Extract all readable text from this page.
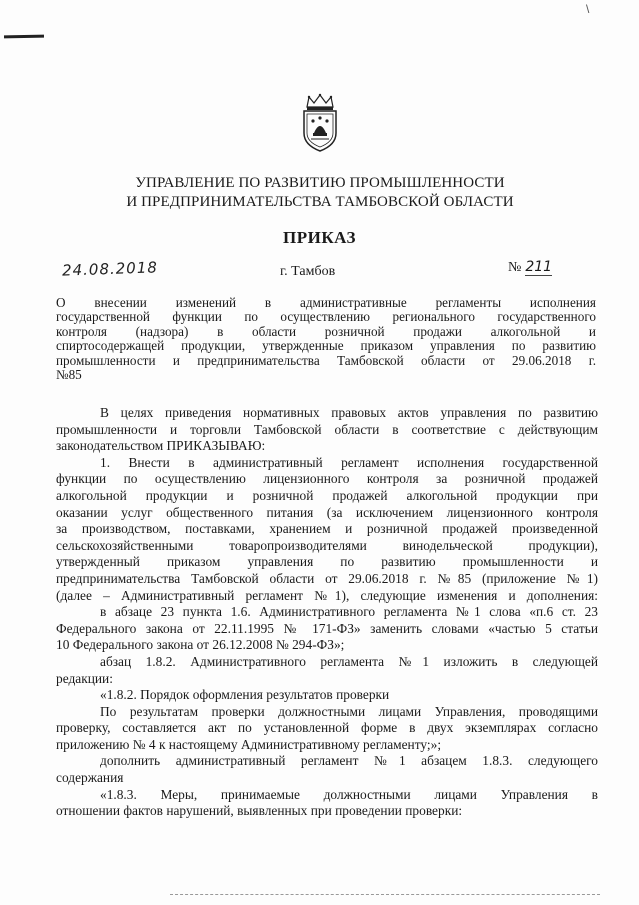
\
УПРАВЛЕНИЕ ПО РАЗВИТИЮ ПРОМЫШЛЕННОСТИ
И ПРЕДПРИНИМАТЕЛЬСТВА ТАМБОВСКОЙ ОБЛАСТИ
ПРИКАЗ
24.08.2018	г. Тамбов	№ 211
О внесении изменений в административные регламенты исполнения
государственной функции по осуществлению регионального государственного
контроля (надзора) в области розничной продажи алкогольной и
спиртосодержащей продукции, утвержденные приказом управления по развитию
промышленности и предпринимательства Тамбовской области от 29.06.2018 г.
№85
В целях приведения нормативных правовых актов управления по развитию
промышленности и торговли Тамбовской области в соответствие с действующим
законодательством ПРИКАЗЫВАЮ:
1. Внести в административный регламент исполнения государственной
функции по осуществлению лицензионного контроля за розничной продажей
алкогольной продукции и розничной продажей алкогольной продукции при
оказании услуг общественного питания (за исключением лицензионного контроля
за производством, поставками, хранением и розничной продажей произведенной
сельскохозяйственными товаропроизводителями винодельческой продукции),
утвержденный приказом управления по развитию промышленности и
предпринимательства Тамбовской области от 29.06.2018 г. №85 (приложение №1)
(далее – Административный регламент №1), следующие изменения и дополнения:
в абзаце 23 пункта 1.6. Административного регламента №1 слова «п.6 ст. 23
Федерального закона от 22.11.1995 № 171-ФЗ» заменить словами «частью 5 статьи
10 Федерального закона от 26.12.2008 № 294-ФЗ»;
абзац 1.8.2. Административного регламента №1 изложить в следующей
редакции:
«1.8.2. Порядок оформления результатов проверки
По результатам проверки должностными лицами Управления, проводящими
проверку, составляется акт по установленной форме в двух экземплярах согласно
приложению № 4 к настоящему Административному регламенту;»;
дополнить административный регламент №1 абзацем 1.8.3. следующего
содержания
«1.8.3. Меры, принимаемые должностными лицами Управления в
отношении фактов нарушений, выявленных при проведении проверки:
